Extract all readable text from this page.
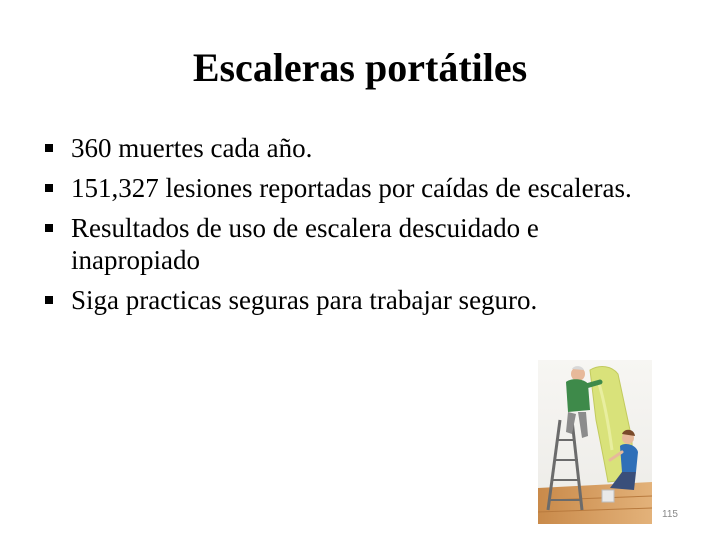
Escaleras portátiles
360 muertes cada año.
151,327 lesiones reportadas por caídas de escaleras.
Resultados de uso de escalera descuidado e inapropiado
Siga practicas seguras para trabajar seguro.
115
